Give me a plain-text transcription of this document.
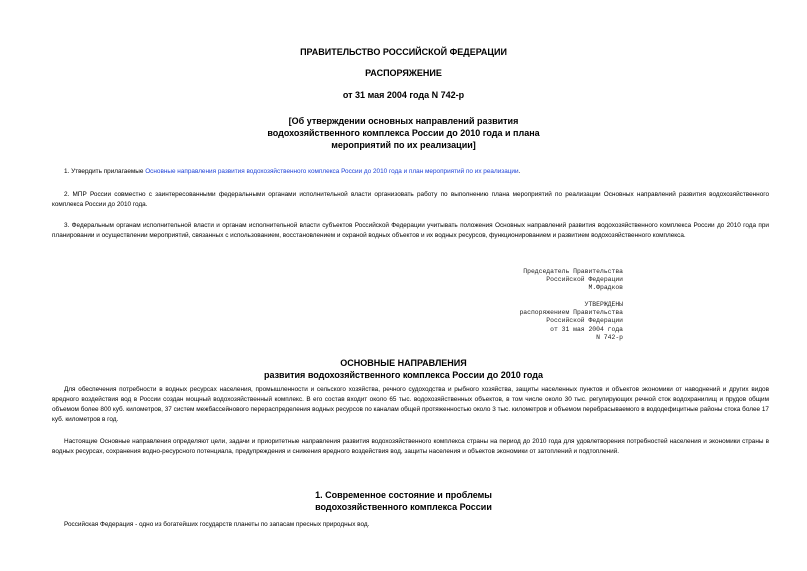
ПРАВИТЕЛЬСТВО РОССИЙСКОЙ ФЕДЕРАЦИИ
РАСПОРЯЖЕНИЕ
от 31 мая 2004 года N 742-р
[Об утверждении основных направлений развития
водохозяйственного комплекса России до 2010 года и плана
мероприятий по их реализации]
1. Утвердить прилагаемые Основные направления развития водохозяйственного комплекса России до 2010 года и план мероприятий по их реализации.
2. МПР России совместно с заинтересованными федеральными органами исполнительной власти организовать работу по выполнению плана мероприятий по реализации Основных направлений развития водохозяйственного комплекса России до 2010 года.
3. Федеральным органам исполнительной власти и органам исполнительной власти субъектов Российской Федерации учитывать положения Основных направлений развития водохозяйственного комплекса России до 2010 года при планировании и осуществлении мероприятий, связанных с использованием, восстановлением и охраной водных объектов и их водных ресурсов, функционированием и развитием водохозяйственного комплекса.
Председатель Правительства
Российской Федерации
М.Фрадков
УТВЕРЖДЕНЫ
распоряжением Правительства
Российской Федерации
от 31 мая 2004 года
N 742-р
ОСНОВНЫЕ НАПРАВЛЕНИЯ
развития водохозяйственного комплекса России до 2010 года
Для обеспечения потребности в водных ресурсах населения, промышленности и сельского хозяйства, речного судоходства и рыбного хозяйства, защиты населенных пунктов и объектов экономики от наводнений и других видов вредного воздействия вод в России создан мощный водохозяйственный комплекс. В его состав входит около 65 тыс. водохозяйственных объектов, в том числе около 30 тыс. регулирующих речной сток водохранилищ и прудов общим объемом более 800 куб. километров, 37 систем межбассейнового перераспределения водных ресурсов по каналам общей протяженностью около 3 тыс. километров и объемом перебрасываемого в вододефицитные районы стока более 17 куб. километров в год.
Настоящие Основные направления определяют цели, задачи и приоритетные направления развития водохозяйственного комплекса страны на период до 2010 года для удовлетворения потребностей населения и экономики страны в водных ресурсах, сохранения водно-ресурсного потенциала, предупреждения и снижения вредного воздействия вод, защиты населения и объектов экономики от затоплений и подтоплений.
1. Современное состояние и проблемы
водохозяйственного комплекса России
Российская Федерация - одно из богатейших государств планеты по запасам пресных природных вод.
